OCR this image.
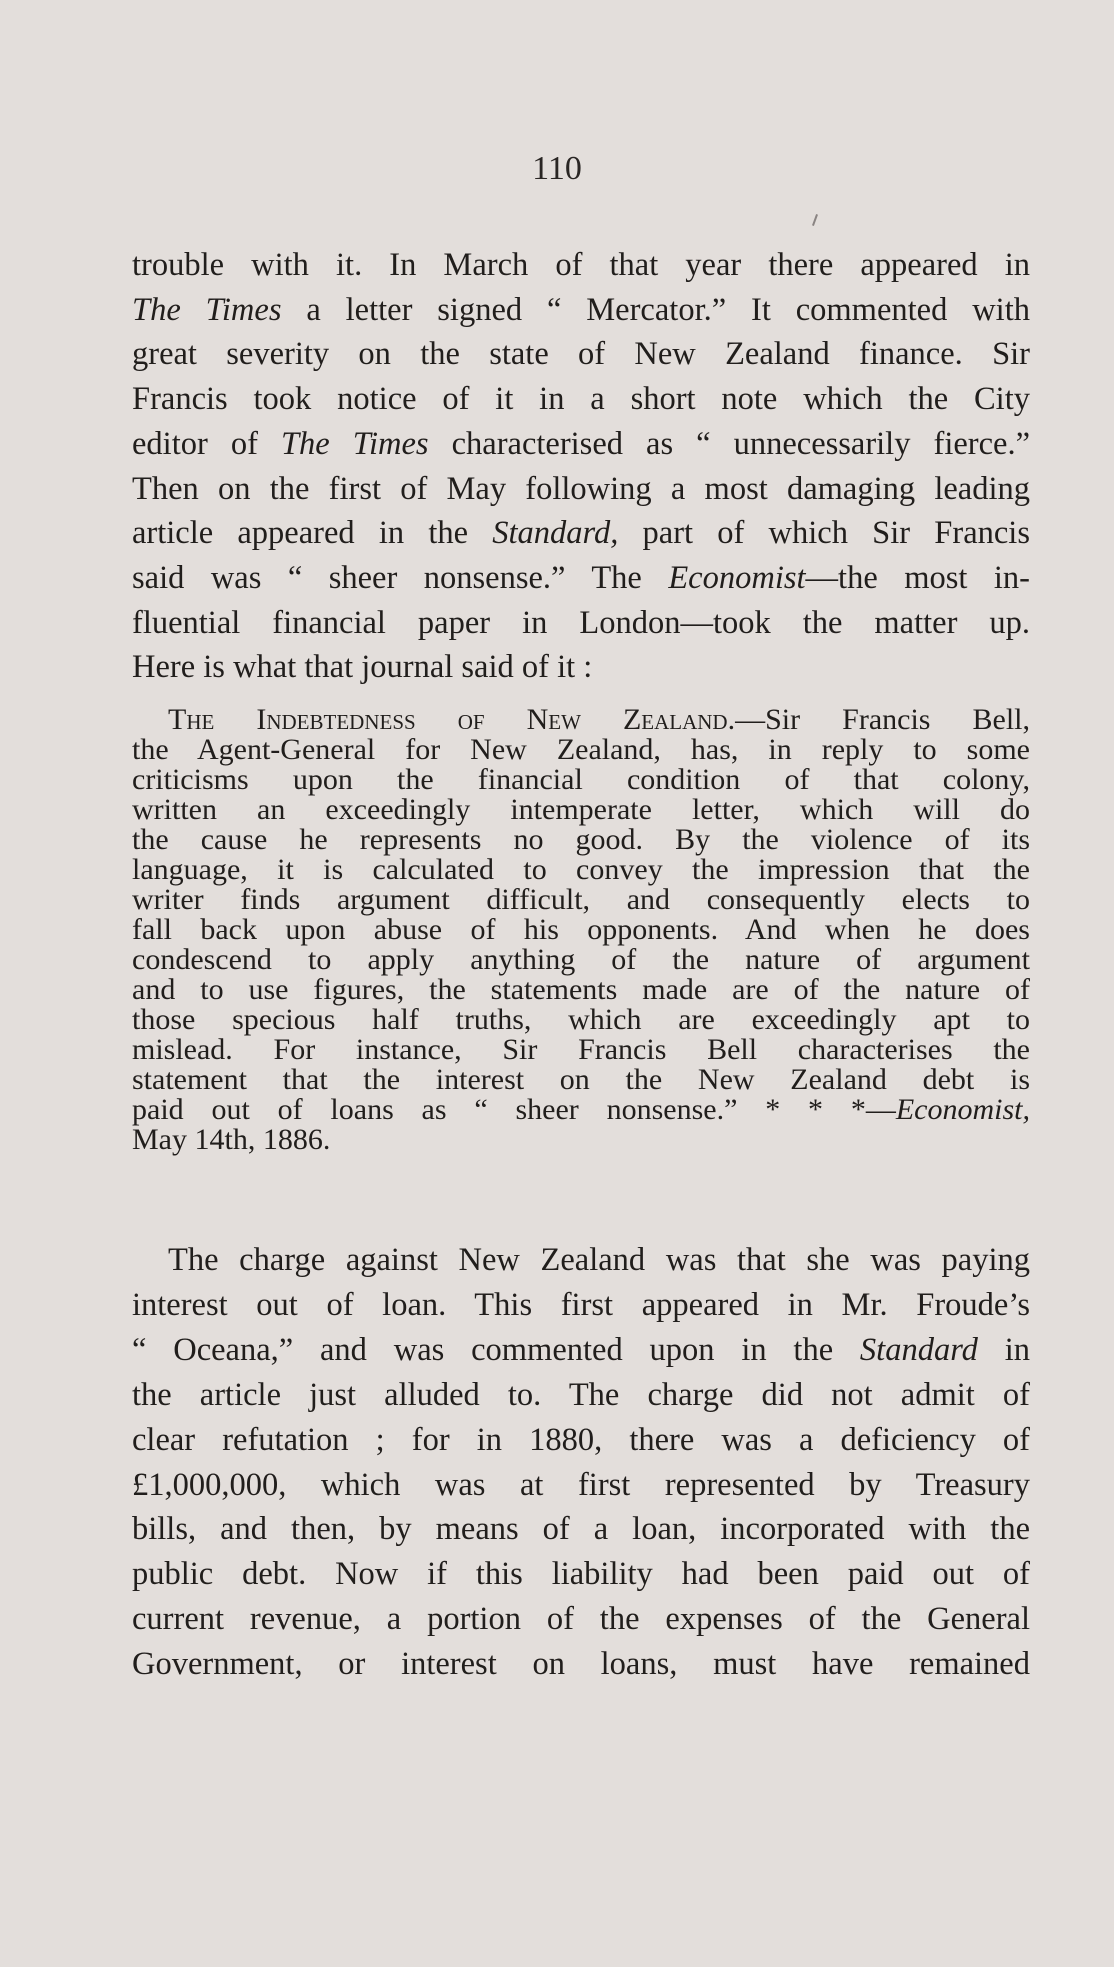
110
trouble with it. In March of that year there appeared in
The Times a letter signed “ Mercator.” It commented with
great severity on the state of New Zealand finance. Sir
Francis took notice of it in a short note which the City
editor of The Times characterised as “ unnecessarily fierce.”
Then on the first of May following a most damaging leading
article appeared in the Standard, part of which Sir Francis
said was “ sheer nonsense.” The Economist—the most in-
fluential financial paper in London—took the matter up.
Here is what that journal said of it :
The Indebtedness of New Zealand.—Sir Francis Bell,
the Agent-General for New Zealand, has, in reply to some
criticisms upon the financial condition of that colony,
written an exceedingly intemperate letter, which will do
the cause he represents no good. By the violence of its
language, it is calculated to convey the impression that the
writer finds argument difficult, and consequently elects to
fall back upon abuse of his opponents. And when he does
condescend to apply anything of the nature of argument
and to use figures, the statements made are of the nature of
those specious half truths, which are exceedingly apt to
mislead. For instance, Sir Francis Bell characterises the
statement that the interest on the New Zealand debt is
paid out of loans as “ sheer nonsense.” * * *—Economist,
May 14th, 1886.
The charge against New Zealand was that she was paying
interest out of loan. This first appeared in Mr. Froude’s
“ Oceana,” and was commented upon in the Standard in
the article just alluded to. The charge did not admit of
clear refutation ; for in 1880, there was a deficiency of
£1,000,000, which was at first represented by Treasury
bills, and then, by means of a loan, incorporated with the
public debt. Now if this liability had been paid out of
current revenue, a portion of the expenses of the General
Government, or interest on loans, must have remained
